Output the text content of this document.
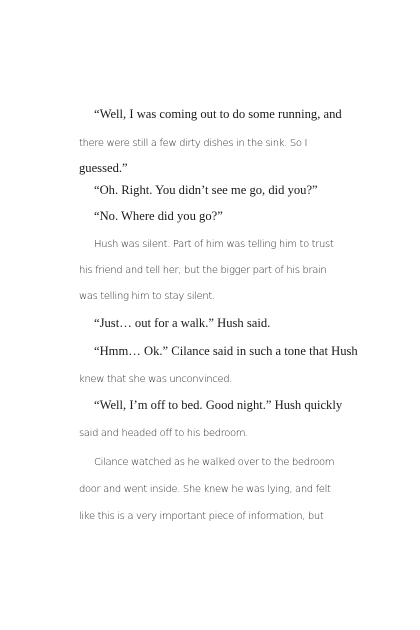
“Well, I was coming out to do some running, and
there were still a few dirty dishes in the sink. So I
guessed.”
“Oh. Right. You didn’t see me go, did you?”
“No. Where did you go?”
Hush was silent. Part of him was telling him to trust
his friend and tell her, but the bigger part of his brain
was telling him to stay silent.
“Just… out for a walk.” Hush said.
“Hmm… Ok.” Cilance said in such a tone that Hush
knew that she was unconvinced.
“Well, I’m off to bed. Good night.” Hush quickly
said and headed off to his bedroom.
Cilance watched as he walked over to the bedroom
door and went inside. She knew he was lying, and felt
like this is a very important piece of information, but
